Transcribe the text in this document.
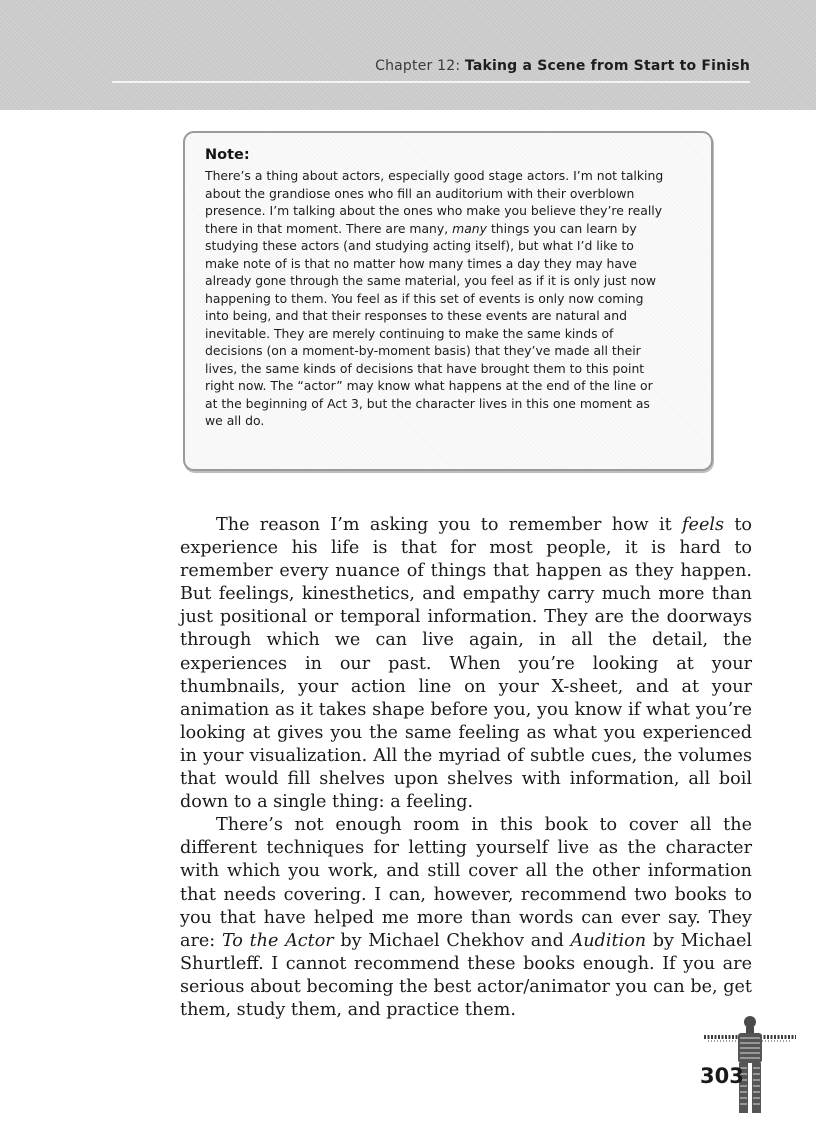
Chapter 12: Taking a Scene from Start to Finish
Note:

There’s a thing about actors, especially good stage actors. I’m not talking about the grandiose ones who fill an auditorium with their overblown presence. I’m talking about the ones who make you believe they’re really there in that moment. There are many, many things you can learn by studying these actors (and studying acting itself), but what I’d like to make note of is that no matter how many times a day they may have already gone through the same material, you feel as if it is only just now happening to them. You feel as if this set of events is only now coming into being, and that their responses to these events are natural and inevitable. They are merely continuing to make the same kinds of decisions (on a moment-by-moment basis) that they’ve made all their lives, the same kinds of decisions that have brought them to this point right now. The “actor” may know what happens at the end of the line or at the beginning of Act 3, but the character lives in this one moment as we all do.

The reason I’m asking you to remember how it feels to experience his life is that for most people, it is hard to remember every nuance of things that happen as they happen. But feelings, kinesthetics, and empathy carry much more than just positional or temporal information. They are the doorways through which we can live again, in all the detail, the experiences in our past. When you’re looking at your thumbnails, your action line on your X-sheet, and at your animation as it takes shape before you, you know if what you’re looking at gives you the same feeling as what you experienced in your visualization. All the myriad of subtle cues, the volumes that would fill shelves upon shelves with information, all boil down to a single thing: a feeling.

There’s not enough room in this book to cover all the different techniques for letting yourself live as the character with which you work, and still cover all the other information that needs covering. I can, however, recommend two books to you that have helped me more than words can ever say. They are: To the Actor by Michael Chekhov and Audition by Michael Shurtleff. I cannot recommend these books enough. If you are serious about becoming the best actor/animator you can be, get them, study them, and practice them.

303
